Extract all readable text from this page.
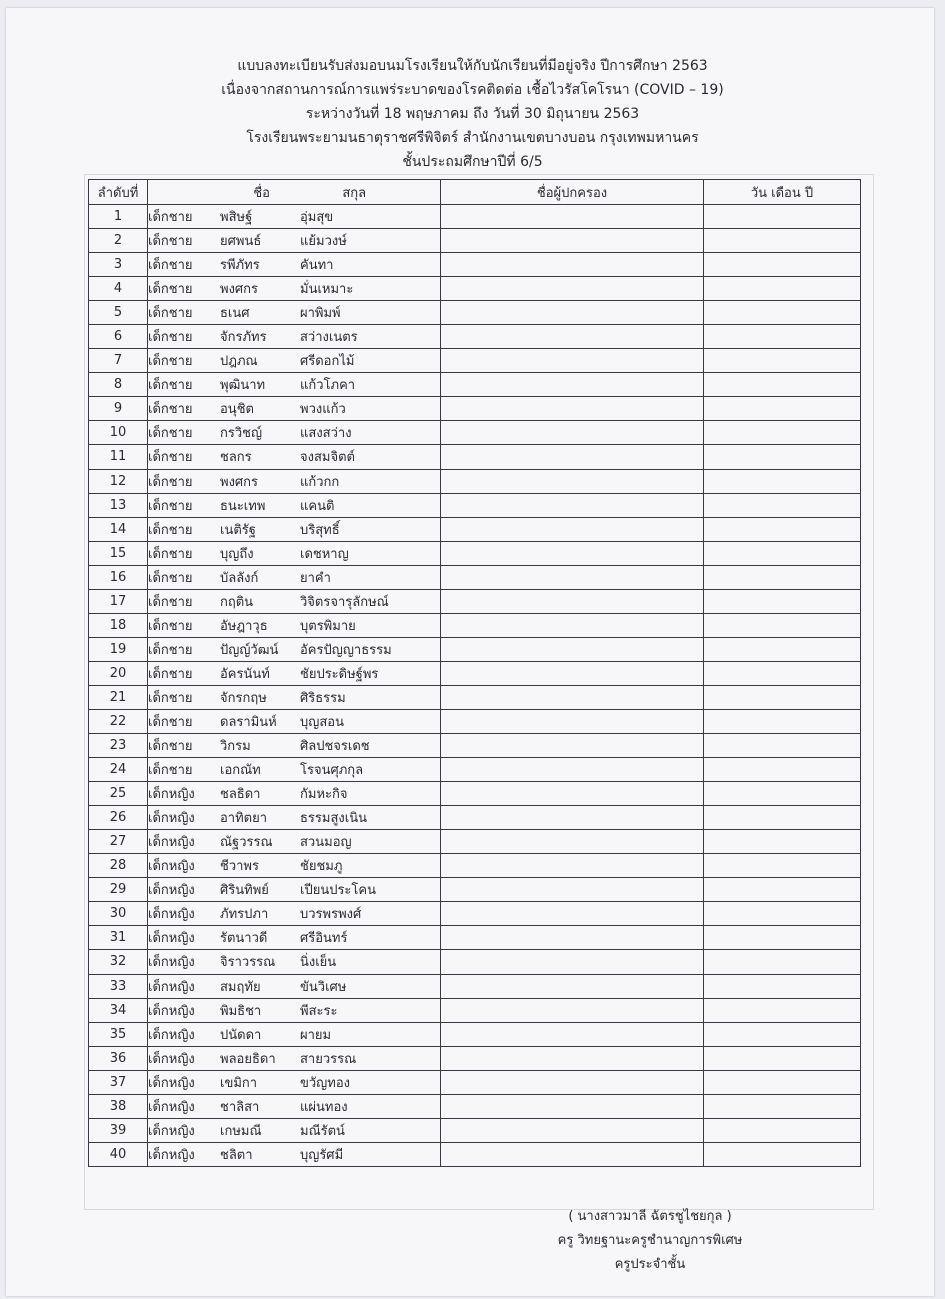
แบบลงทะเบียนรับส่งมอบนมโรงเรียนให้กับนักเรียนที่มีอยู่จริง ปีการศึกษา 2563
เนื่องจากสถานการณ์การแพร่ระบาดของโรคติดต่อ เชื้อไวรัสโคโรนา (COVID – 19)
ระหว่างวันที่ 18 พฤษภาคม ถึง วันที่ 30 มิถุนายน 2563
โรงเรียนพระยามนธาตุราชศรีพิจิตร์ สำนักงานเขตบางบอน กรุงเทพมหานคร
ชั้นประถมศึกษาปีที่ 6/5
ลำดับที่	ชื่อ สกุล	ชื่อผู้ปกครอง	วัน เดือน ปี
1	เด็กชาย พสิษฐ์ อุ่มสุข		
2	เด็กชาย ยศพนธ์ แย้มวงษ์		
3	เด็กชาย รพีภัทร คันทา		
4	เด็กชาย พงศกร มั่นเหมาะ		
5	เด็กชาย ธเนศ ผาพิมพ์		
6	เด็กชาย จักรภัทร สว่างเนตร		
7	เด็กชาย ปฎภณ ศรีดอกไม้		
8	เด็กชาย พุฒินาท แก้วโภคา		
9	เด็กชาย อนุชิต พวงแก้ว		
10	เด็กชาย กรวิชญ์ แสงสว่าง		
11	เด็กชาย ชลกร จงสมจิตต์		
12	เด็กชาย พงศกร แก้วกก		
13	เด็กชาย ธนะเทพ แคนติ		
14	เด็กชาย เนติรัฐ บริสุทธิ์		
15	เด็กชาย บุญถึง เดชหาญ		
16	เด็กชาย บัลลังก์ ยาคำ		
17	เด็กชาย กฤติน วิจิตรจารุลักษณ์		
18	เด็กชาย อัษฎาวุธ บุตรพิมาย		
19	เด็กชาย ปัญญ์วัฒน์ อัครปัญญาธรรม		
20	เด็กชาย อัครนันท์ ชัยประดิษฐ์พร		
21	เด็กชาย จักรกฤษ ศิริธรรม		
22	เด็กชาย ดลรามินห์ บุญสอน		
23	เด็กชาย วิกรม ศิลปชจรเดช		
24	เด็กชาย เอกณัท โรจนศุภกุล		
25	เด็กหญิง ชลธิดา กัมหะกิจ		
26	เด็กหญิง อาทิตยา ธรรมสูงเนิน		
27	เด็กหญิง ณัฐวรรณ สวนมอญ		
28	เด็กหญิง ชีวาพร ชัยชมภู		
29	เด็กหญิง ศิรินทิพย์ เปียนประโคน		
30	เด็กหญิง ภัทรปภา บวรพรพงศ์		
31	เด็กหญิง รัตนาวดี ศรีอินทร์		
32	เด็กหญิง จิราวรรณ นิ่งเย็น		
33	เด็กหญิง สมฤทัย ขันวิเศษ		
34	เด็กหญิง พิมธิชา พีสะระ		
35	เด็กหญิง ปนัดดา ผายม		
36	เด็กหญิง พลอยธิดา สายวรรณ		
37	เด็กหญิง เขมิกา ขวัญทอง		
38	เด็กหญิง ชาลิสา แผ่นทอง		
39	เด็กหญิง เกษมณี มณีรัตน์		
40	เด็กหญิง ชลิตา บุญรัศมี		
( นางสาวมาลี ฉัตรชูไชยกุล )
ครู วิทยฐานะครูชำนาญการพิเศษ
ครูประจำชั้น
